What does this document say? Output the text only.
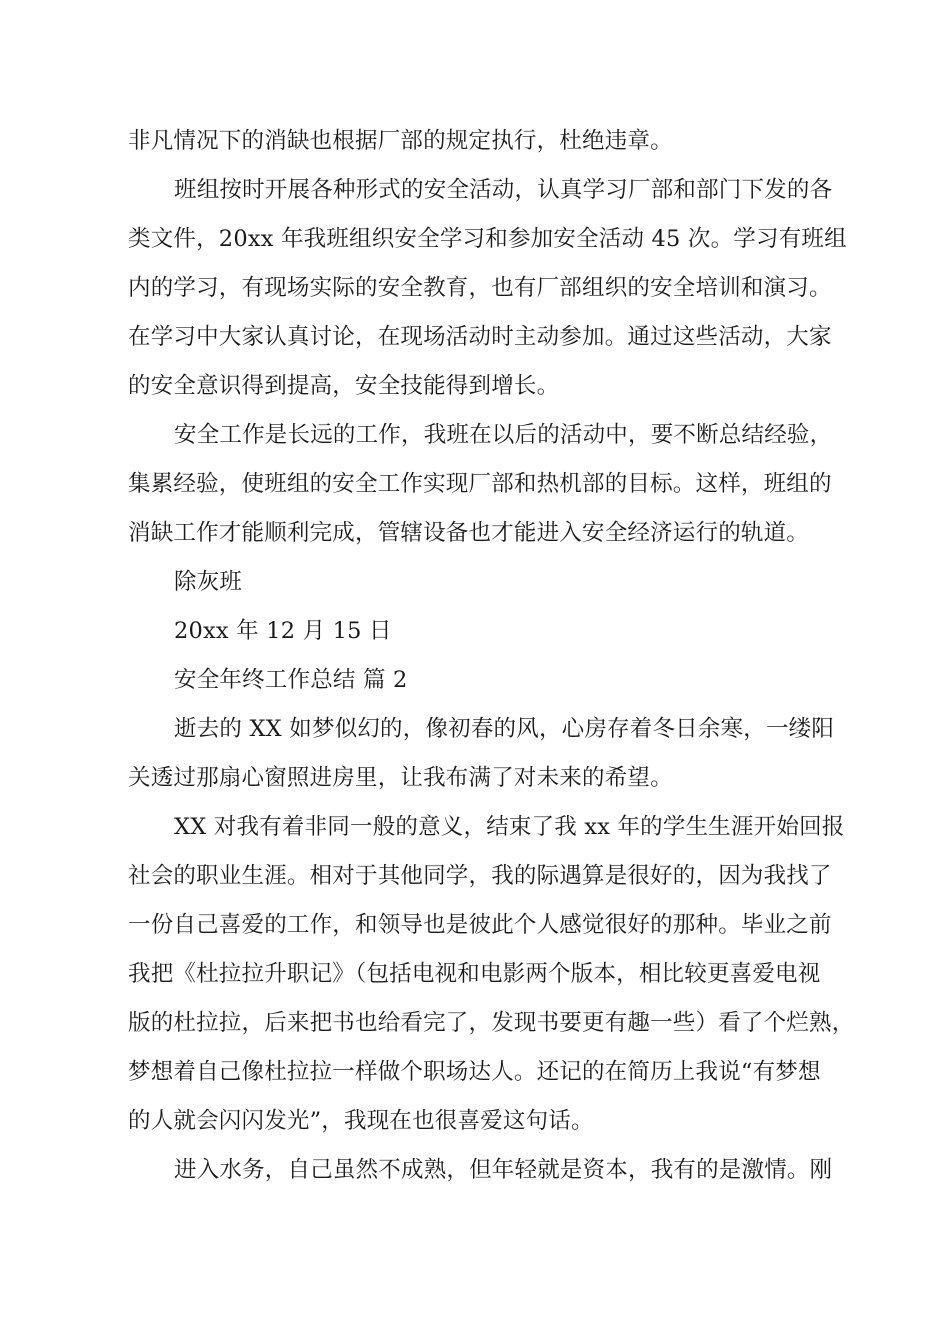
非凡情况下的消缺也根据厂部的规定执行，杜绝违章。
班组按时开展各种形式的安全活动，认真学习厂部和部门下发的各
类文件，20xx 年我班组织安全学习和参加安全活动 45 次。学习有班组
内的学习，有现场实际的安全教育，也有厂部组织的安全培训和演习。
在学习中大家认真讨论，在现场活动时主动参加。通过这些活动，大家
的安全意识得到提高，安全技能得到增长。
安全工作是长远的工作，我班在以后的活动中，要不断总结经验，
集累经验，使班组的安全工作实现厂部和热机部的目标。这样，班组的
消缺工作才能顺利完成，管辖设备也才能进入安全经济运行的轨道。
除灰班
20xx 年 12 月 15 日
安全年终工作总结 篇 2
逝去的 XX 如梦似幻的，像初春的风，心房存着冬日余寒，一缕阳
关透过那扇心窗照进房里，让我布满了对未来的希望。
XX 对我有着非同一般的意义，结束了我 xx 年的学生生涯开始回报
社会的职业生涯。相对于其他同学，我的际遇算是很好的，因为我找了
一份自己喜爱的工作，和领导也是彼此个人感觉很好的那种。毕业之前
我把《杜拉拉升职记》（包括电视和电影两个版本，相比较更喜爱电视
版的杜拉拉，后来把书也给看完了，发现书要更有趣一些）看了个烂熟，
梦想着自己像杜拉拉一样做个职场达人。还记的在简历上我说“有梦想
的人就会闪闪发光”，我现在也很喜爱这句话。
进入水务，自己虽然不成熟，但年轻就是资本，我有的是激情。刚
